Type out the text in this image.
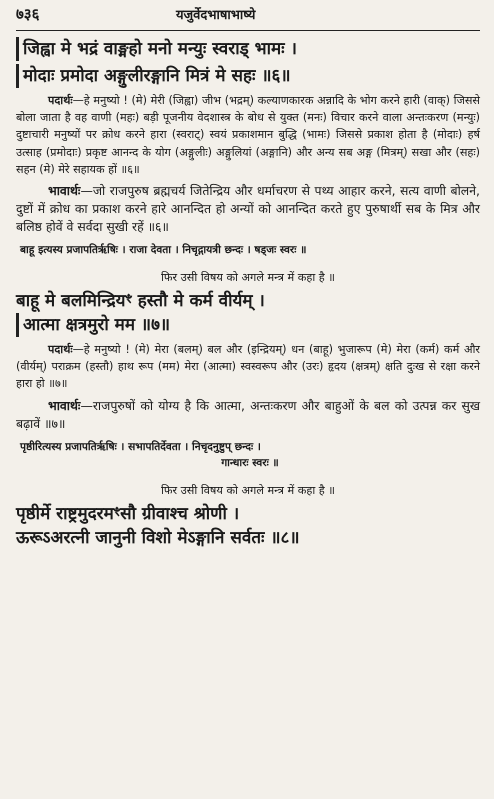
७३६	यजुर्वेदभाषाभाष्ये
जिह्वा मे भद्रं वाङ्महो मनो मन्युः स्वराड् भामः ।
मोदाः प्रमोदा अङ्गुलीरङ्गानि मित्रं मे सहः ॥६॥

पदार्थः—हे मनुष्यो ! (मे) मेरी (जिह्वा) जीभ (भद्रम्) कल्याणकारक अन्नादि के भोग करने हारी (वाक्) जिससे बोला जाता है वह वाणी (महः) बड़ी पूजनीय वेदशास्त्र के बोध से युक्त (मनः) विचार करने वाला अन्तःकरण (मन्युः) दुष्टाचारी मनुष्यों पर क्रोध करने हारा (स्वराट्) स्वयं प्रकाशमान बुद्धि (भामः) जिससे प्रकाश होता है (मोदाः) हर्ष उत्साह (प्रमोदाः) प्रकृष्ट आनन्द के योग (अङ्गुलीः) अङ्गुलियां (अङ्गानि) और अन्य सब अङ्ग (मित्रम्) सखा और (सहः) सहन (मे) मेरे सहायक हों ॥६॥

भावार्थः—जो राजपुरुष ब्रह्मचर्य जितेन्द्रिय और धर्माचरण से पथ्य आहार करने, सत्य वाणी बोलने, दुष्टों में क्रोध का प्रकाश करने हारे आनन्दित हो अन्यों को आनन्दित करते हुए पुरुषार्थी सब के मित्र और बलिष्ठ होवें वे सर्वदा सुखी रहें ॥६॥

बाहू इत्यस्य प्रजापतिर्ऋषिः । राजा देवता । निचृद्गायत्री छन्दः । षड्जः स्वरः ॥
फिर उसी विषय को अगले मन्त्र में कहा है ॥
बाहू मे बलमिन्द्रियꣳ हस्तौ मे कर्म वीर्यम् ।
आत्मा क्षत्रमुरो मम ॥७॥

पदार्थः—हे मनुष्यो ! (मे) मेरा (बलम्) बल और (इन्द्रियम्) धन (बाहू) भुजारूप (मे) मेरा (कर्म) कर्म और (वीर्यम्) पराक्रम (हस्तौ) हाथ रूप (मम) मेरा (आत्मा) स्वस्वरूप और (उरः) हृदय (क्षत्रम्) क्षति दुःख से रक्षा करने हारा हो ॥७॥

भावार्थः—राजपुरुषों को योग्य है कि आत्मा, अन्तःकरण और बाहुओं के बल को उत्पन्न कर सुख बढ़ावें ॥७॥

पृष्ठीरित्यस्य प्रजापतिर्ऋषिः । सभापतिर्देवता । निचृदनुष्टुप् छन्दः ।
गान्धारः स्वरः ॥
फिर उसी विषय को अगले मन्त्र में कहा है ॥
पृष्ठीर्मे राष्ट्रमुदरमꣳसौ ग्रीवाश्च श्रोणी ।
ऊरूऽअरत्नी जानुनी विशो मेऽङ्गानि सर्वतः ॥८॥
